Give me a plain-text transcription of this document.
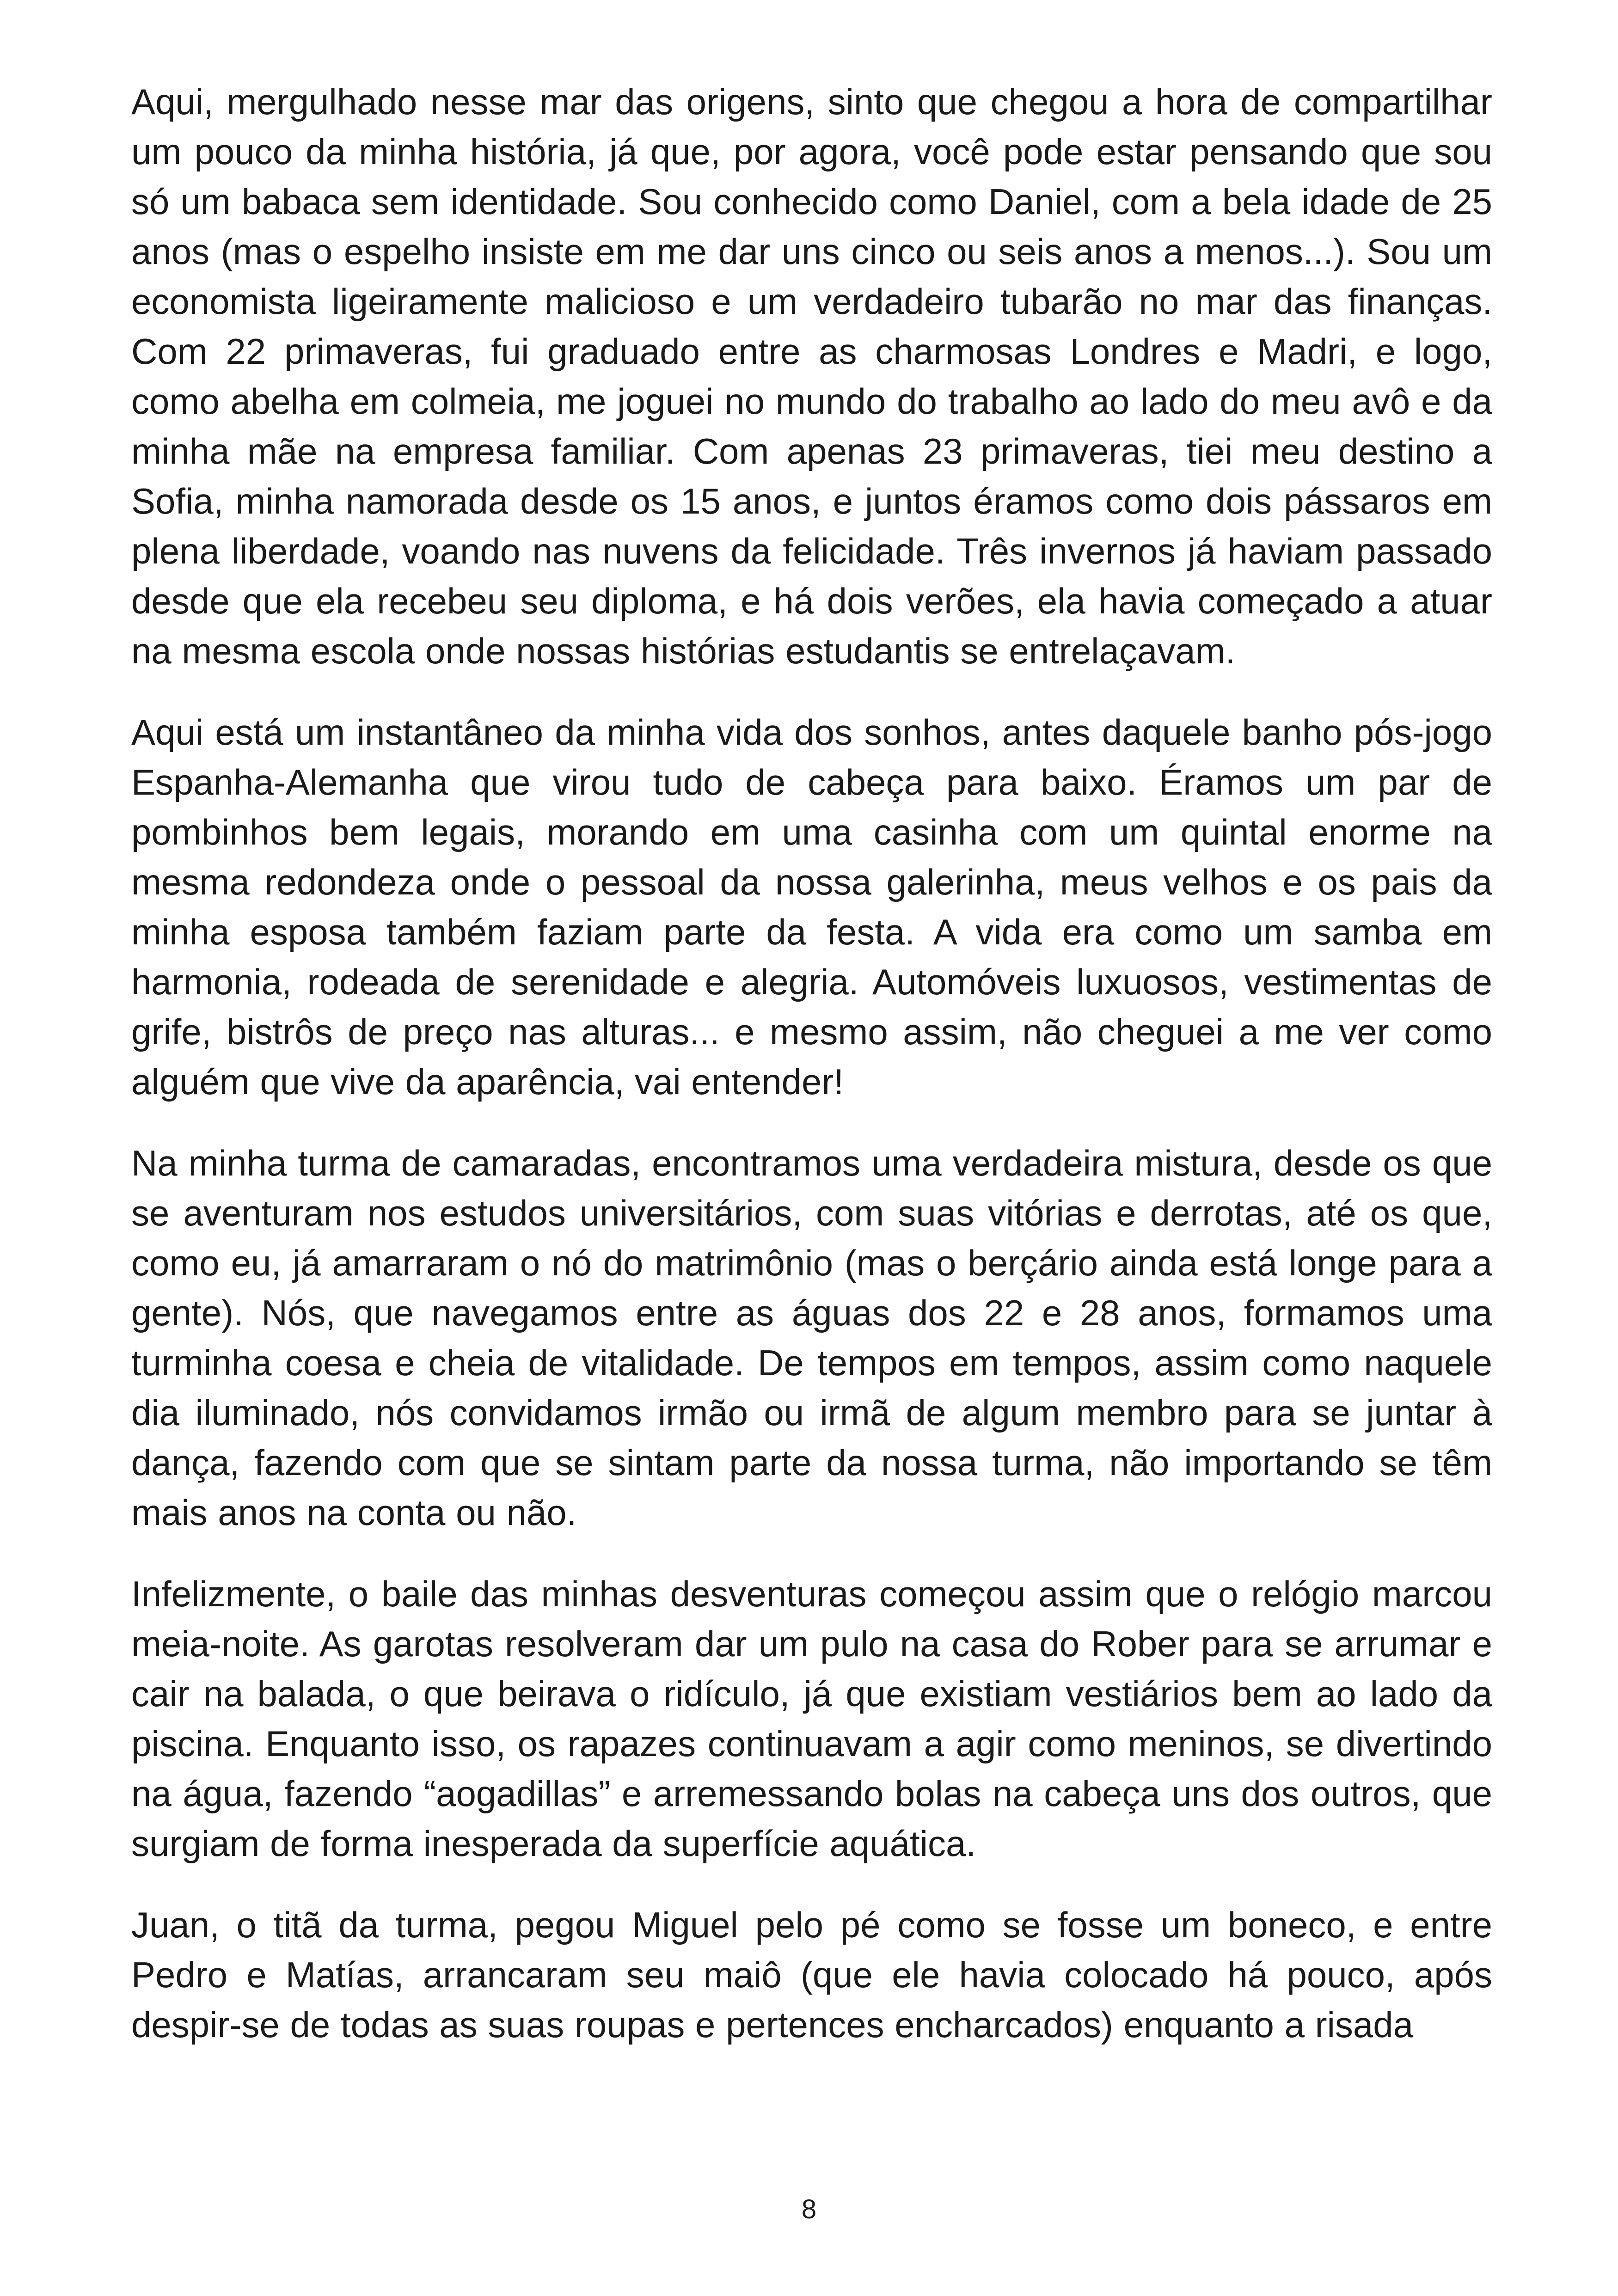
Aqui, mergulhado nesse mar das origens, sinto que chegou a hora de compartilhar um pouco da minha história, já que, por agora, você pode estar pensando que sou só um babaca sem identidade. Sou conhecido como Daniel, com a bela idade de 25 anos (mas o espelho insiste em me dar uns cinco ou seis anos a menos...). Sou um economista ligeiramente malicioso e um verdadeiro tubarão no mar das finanças. Com 22 primaveras, fui graduado entre as charmosas Londres e Madri, e logo, como abelha em colmeia, me joguei no mundo do trabalho ao lado do meu avô e da minha mãe na empresa familiar. Com apenas 23 primaveras, tiei meu destino a Sofia, minha namorada desde os 15 anos, e juntos éramos como dois pássaros em plena liberdade, voando nas nuvens da felicidade. Três invernos já haviam passado desde que ela recebeu seu diploma, e há dois verões, ela havia começado a atuar na mesma escola onde nossas histórias estudantis se entrelaçavam.

Aqui está um instantâneo da minha vida dos sonhos, antes daquele banho pós-jogo Espanha-Alemanha que virou tudo de cabeça para baixo. Éramos um par de pombinhos bem legais, morando em uma casinha com um quintal enorme na mesma redondeza onde o pessoal da nossa galerinha, meus velhos e os pais da minha esposa também faziam parte da festa. A vida era como um samba em harmonia, rodeada de serenidade e alegria. Automóveis luxuosos, vestimentas de grife, bistrôs de preço nas alturas... e mesmo assim, não cheguei a me ver como alguém que vive da aparência, vai entender!

Na minha turma de camaradas, encontramos uma verdadeira mistura, desde os que se aventuram nos estudos universitários, com suas vitórias e derrotas, até os que, como eu, já amarraram o nó do matrimônio (mas o berçário ainda está longe para a gente). Nós, que navegamos entre as águas dos 22 e 28 anos, formamos uma turminha coesa e cheia de vitalidade. De tempos em tempos, assim como naquele dia iluminado, nós convidamos irmão ou irmã de algum membro para se juntar à dança, fazendo com que se sintam parte da nossa turma, não importando se têm mais anos na conta ou não.

Infelizmente, o baile das minhas desventuras começou assim que o relógio marcou meia-noite. As garotas resolveram dar um pulo na casa do Rober para se arrumar e cair na balada, o que beirava o ridículo, já que existiam vestiários bem ao lado da piscina. Enquanto isso, os rapazes continuavam a agir como meninos, se divertindo na água, fazendo “aogadillas” e arremessando bolas na cabeça uns dos outros, que surgiam de forma inesperada da superfície aquática.

Juan, o titã da turma, pegou Miguel pelo pé como se fosse um boneco, e entre Pedro e Matías, arrancaram seu maiô (que ele havia colocado há pouco, após despir-se de todas as suas roupas e pertences encharcados) enquanto a risada

8
